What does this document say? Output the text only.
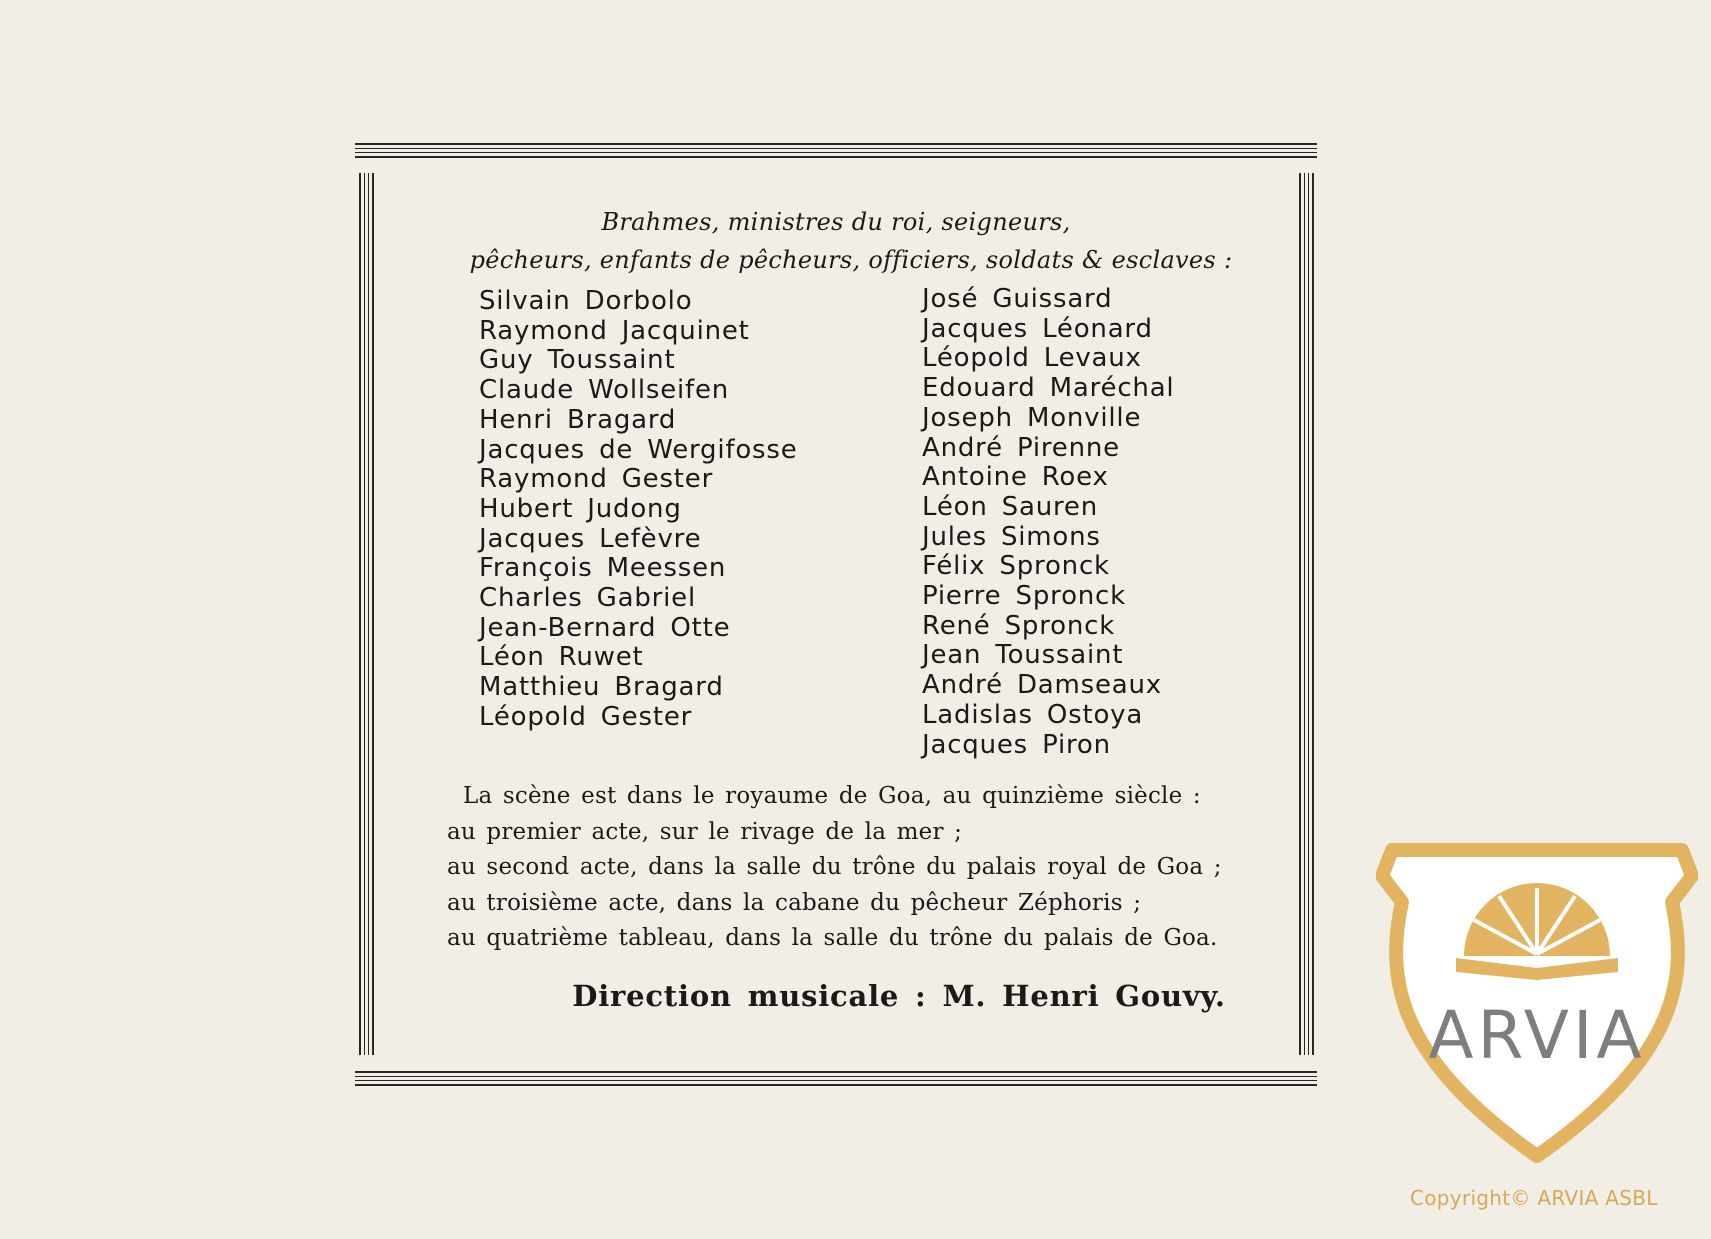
Brahmes, ministres du roi, seigneurs,
pêcheurs, enfants de pêcheurs, officiers, soldats & esclaves :
Silvain Dorbolo
Raymond Jacquinet
Guy Toussaint
Claude Wollseifen
Henri Bragard
Jacques de Wergifosse
Raymond Gester
Hubert Judong
Jacques Lefèvre
François Meessen
Charles Gabriel
Jean-Bernard Otte
Léon Ruwet
Matthieu Bragard
Léopold Gester
José Guissard
Jacques Léonard
Léopold Levaux
Edouard Maréchal
Joseph Monville
André Pirenne
Antoine Roex
Léon Sauren
Jules Simons
Félix Spronck
Pierre Spronck
René Spronck
Jean Toussaint
André Damseaux
Ladislas Ostoya
Jacques Piron
La scène est dans le royaume de Goa, au quinzième siècle :
au premier acte, sur le rivage de la mer ;
au second acte, dans la salle du trône du palais royal de Goa ;
au troisième acte, dans la cabane du pêcheur Zéphoris ;
au quatrième tableau, dans la salle du trône du palais de Goa.
Direction musicale : M. Henri Gouvy.
ARVIA
Copyright© ARVIA ASBL
